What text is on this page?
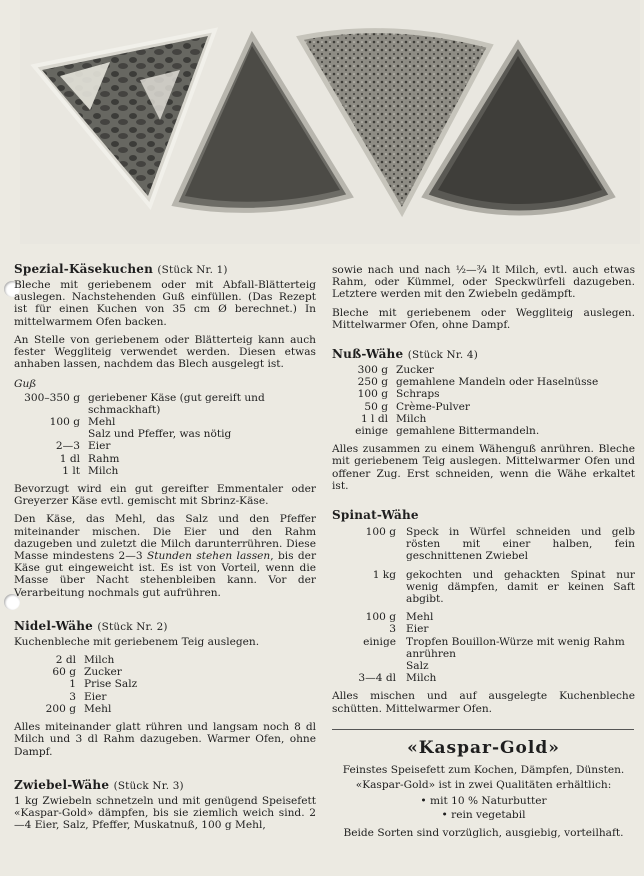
Spezial-Käsekuchen (Stück Nr. 1)

Bleche mit geriebenem oder mit Abfall-Blätterteig auslegen. Nachstehenden Guß einfüllen. (Das Rezept ist für einen Kuchen von 35 cm Ø berechnet.) In mittelwarmem Ofen backen.

An Stelle von geriebenem oder Blätterteig kann auch fester Weggliteig verwendet werden. Diesen etwas anhaben lassen, nachdem das Blech ausgelegt ist.

Guß
300–350 g	geriebener Käse (gut gereift und schmackhaft)
100 g	Mehl
	Salz und Pfeffer, was nötig
2—3	Eier
1 dl	Rahm
1 lt	Milch

Bevorzugt wird ein gut gereifter Emmentaler oder Greyerzer Käse evtl. gemischt mit Sbrinz-Käse.

Den Käse, das Mehl, das Salz und den Pfeffer miteinander mischen. Die Eier und den Rahm dazugeben und zuletzt die Milch darunterrühren. Diese Masse mindestens 2—3 Stunden stehen lassen, bis der Käse gut eingeweicht ist. Es ist von Vorteil, wenn die Masse über Nacht stehenbleiben kann. Vor der Verarbeitung nochmals gut aufrühren.

Nidel-Wähe (Stück Nr. 2)

Kuchenbleche mit geriebenem Teig auslegen.

2 dl	Milch
60 g	Zucker
1	Prise Salz
3	Eier
200 g	Mehl

Alles miteinander glatt rühren und langsam noch 8 dl Milch und 3 dl Rahm dazugeben. Warmer Ofen, ohne Dampf.

Zwiebel-Wähe (Stück Nr. 3)

1 kg Zwiebeln schnetzeln und mit genügend Speisefett «Kaspar-Gold» dämpfen, bis sie ziemlich weich sind. 2—4 Eier, Salz, Pfeffer, Muskatnuß, 100 g Mehl,

sowie nach und nach ½—¾ lt Milch, evtl. auch etwas Rahm, oder Kümmel, oder Speckwürfeli dazugeben. Letztere werden mit den Zwiebeln gedämpft.

Bleche mit geriebenem oder Weggliteig auslegen. Mittelwarmer Ofen, ohne Dampf.

Nuß-Wähe (Stück Nr. 4)
300 g	Zucker
250 g	gemahlene Mandeln oder Haselnüsse
100 g	Schraps
50 g	Crème-Pulver
1 l dl	Milch
einige	gemahlene Bittermandeln.

Alles zusammen zu einem Wähenguß anrühren. Bleche mit geriebenem Teig auslegen. Mittelwarmer Ofen und offener Zug. Erst schneiden, wenn die Wähe erkaltet ist.

Spinat-Wähe
100 g	Speck in Würfel schneiden und gelb rösten mit einer halben, fein geschnittenen Zwiebel
1 kg	gekochten und gehackten Spinat nur wenig dämpfen, damit er keinen Saft abgibt.
100 g	Mehl
3	Eier
einige	Tropfen Bouillon-Würze mit wenig Rahm anrühren
	Salz
3—4 dl	Milch

Alles mischen und auf ausgelegte Kuchenbleche schütten. Mittelwarmer Ofen.

«Kaspar-Gold»

Feinstes Speisefett zum Kochen, Dämpfen, Dünsten.

«Kaspar-Gold» ist in zwei Qualitäten erhältlich:

• mit 10 % Naturbutter
• rein vegetabil

Beide Sorten sind vorzüglich, ausgiebig, vorteilhaft.
